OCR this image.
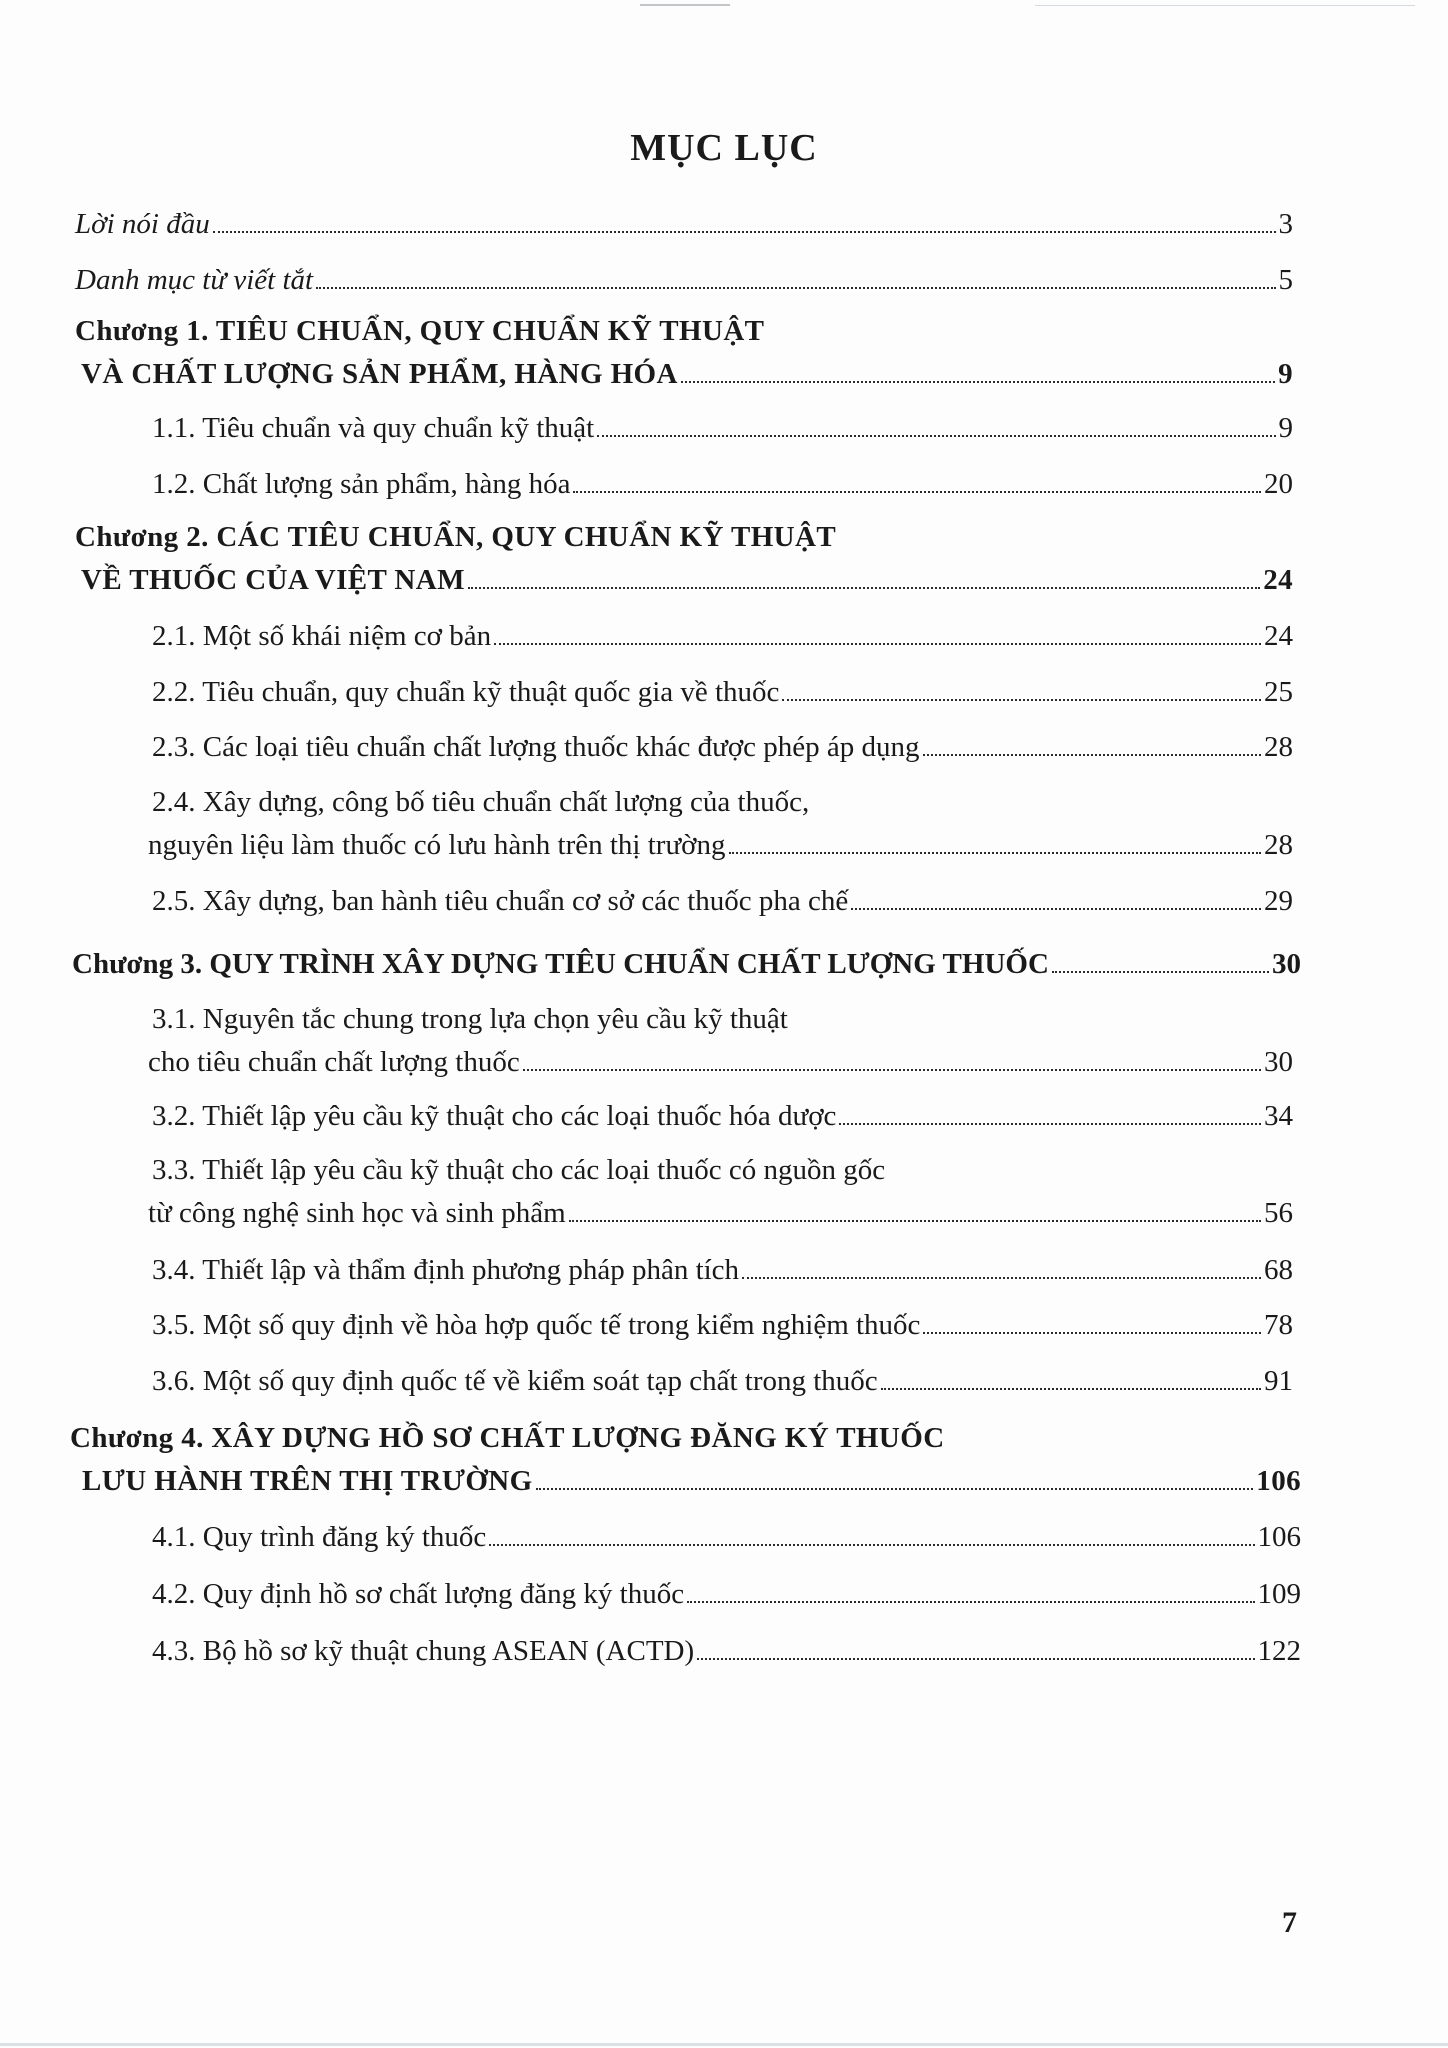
MỤC LỤC
Lời nói đầu	3
Danh mục từ viết tắt	5
Chương 1. TIÊU CHUẨN, QUY CHUẨN KỸ THUẬT
VÀ CHẤT LƯỢNG SẢN PHẨM, HÀNG HÓA	9
1.1. Tiêu chuẩn và quy chuẩn kỹ thuật	9
1.2. Chất lượng sản phẩm, hàng hóa	20
Chương 2. CÁC TIÊU CHUẨN, QUY CHUẨN KỸ THUẬT
VỀ THUỐC CỦA VIỆT NAM	24
2.1. Một số khái niệm cơ bản	24
2.2. Tiêu chuẩn, quy chuẩn kỹ thuật quốc gia về thuốc	25
2.3. Các loại tiêu chuẩn chất lượng thuốc khác được phép áp dụng	28
2.4. Xây dựng, công bố tiêu chuẩn chất lượng của thuốc,
nguyên liệu làm thuốc có lưu hành trên thị trường	28
2.5. Xây dựng, ban hành tiêu chuẩn cơ sở các thuốc pha chế	29
Chương 3. QUY TRÌNH XÂY DỰNG TIÊU CHUẨN CHẤT LƯỢNG THUỐC	30
3.1. Nguyên tắc chung trong lựa chọn yêu cầu kỹ thuật
cho tiêu chuẩn chất lượng thuốc	30
3.2. Thiết lập yêu cầu kỹ thuật cho các loại thuốc hóa dược	34
3.3. Thiết lập yêu cầu kỹ thuật cho các loại thuốc có nguồn gốc
từ công nghệ sinh học và sinh phẩm	56
3.4. Thiết lập và thẩm định phương pháp phân tích	68
3.5. Một số quy định về hòa hợp quốc tế trong kiểm nghiệm thuốc	78
3.6. Một số quy định quốc tế về kiểm soát tạp chất trong thuốc	91
Chương 4. XÂY DỰNG HỒ SƠ CHẤT LƯỢNG ĐĂNG KÝ THUỐC
LƯU HÀNH TRÊN THỊ TRƯỜNG	106
4.1. Quy trình đăng ký thuốc	106
4.2. Quy định hồ sơ chất lượng đăng ký thuốc	109
4.3. Bộ hồ sơ kỹ thuật chung ASEAN (ACTD)	122
7
